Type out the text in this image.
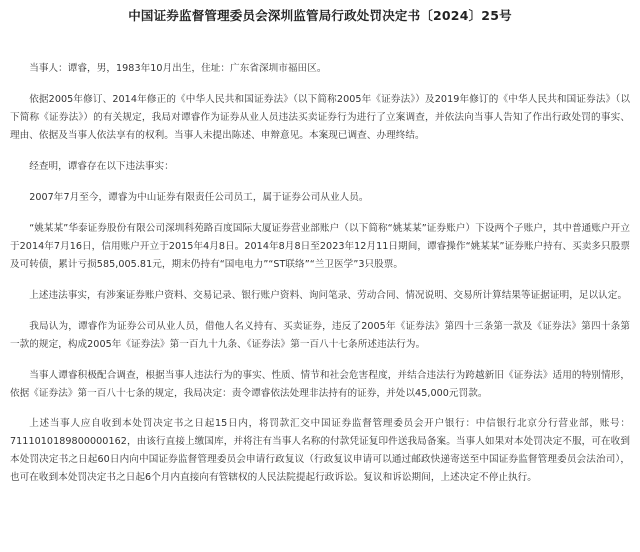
中国证券监督管理委员会深圳监管局行政处罚决定书〔2024〕25号

当事人：谭睿，男，1983年10月出生，住址：广东省深圳市福田区。

依据2005年修订、2014年修正的《中华人民共和国证券法》（以下简称2005年《证券法》）及2019年修订的《中华人民共和国证券法》（以下简称《证券法》）的有关规定，我局对谭睿作为证券从业人员违法买卖证券行为进行了立案调查，并依法向当事人告知了作出行政处罚的事实、理由、依据及当事人依法享有的权利。当事人未提出陈述、申辩意见。本案现已调查、办理终结。

经查明，谭睿存在以下违法事实：

2007年7月至今，谭睿为中山证券有限责任公司员工，属于证券公司从业人员。

“姚某某”华泰证券股份有限公司深圳科苑路百度国际大厦证券营业部账户（以下简称“姚某某”证券账户）下设两个子账户，其中普通账户开立于2014年7月16日，信用账户开立于2015年4月8日。2014年8月8日至2023年12月11日期间，谭睿操作“姚某某”证券账户持有、买卖多只股票及可转债，累计亏损585,005.81元，期末仍持有“国电电力”“ST联络”“兰卫医学”3只股票。

上述违法事实，有涉案证券账户资料、交易记录、银行账户资料、询问笔录、劳动合同、情况说明、交易所计算结果等证据证明，足以认定。

我局认为，谭睿作为证券公司从业人员，借他人名义持有、买卖证券，违反了2005年《证券法》第四十三条第一款及《证券法》第四十条第一款的规定，构成2005年《证券法》第一百九十九条、《证券法》第一百八十七条所述违法行为。

当事人谭睿积极配合调查，根据当事人违法行为的事实、性质、情节和社会危害程度，并结合违法行为跨越新旧《证券法》适用的特别情形，依据《证券法》第一百八十七条的规定，我局决定：责令谭睿依法处理非法持有的证券，并处以45,000元罚款。

上述当事人应自收到本处罚决定书之日起15日内，将罚款汇交中国证券监督管理委员会开户银行：中信银行北京分行营业部，账号：7111010189800000162，由该行直接上缴国库，并将注有当事人名称的付款凭证复印件送我局备案。当事人如果对本处罚决定不服，可在收到本处罚决定书之日起60日内向中国证券监督管理委员会申请行政复议（行政复议申请可以通过邮政快递寄送至中国证券监督管理委员会法治司），也可在收到本处罚决定书之日起6个月内直接向有管辖权的人民法院提起行政诉讼。复议和诉讼期间，上述决定不停止执行。
